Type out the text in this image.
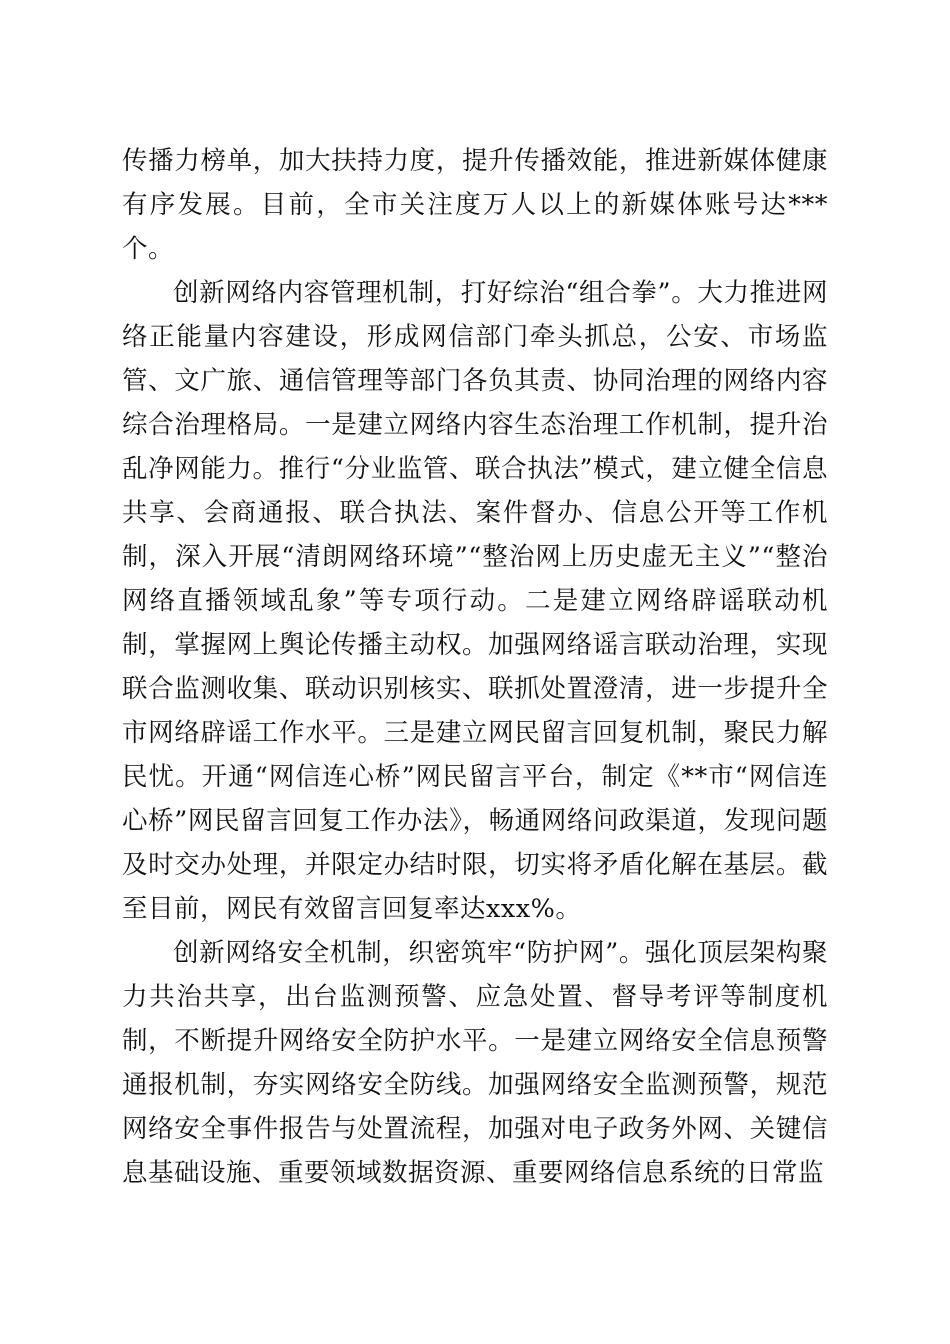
传播力榜单，加大扶持力度，提升传播效能，推进新媒体健康有序发展。目前，全市关注度万人以上的新媒体账号达***个。

创新网络内容管理机制，打好综治“组合拳”。大力推进网络正能量内容建设，形成网信部门牵头抓总，公安、市场监管、文广旅、通信管理等部门各负其责、协同治理的网络内容综合治理格局。一是建立网络内容生态治理工作机制，提升治乱净网能力。推行“分业监管、联合执法”模式，建立健全信息共享、会商通报、联合执法、案件督办、信息公开等工作机制，深入开展“清朗网络环境”“整治网上历史虚无主义”“整治网络直播领域乱象”等专项行动。二是建立网络辟谣联动机制，掌握网上舆论传播主动权。加强网络谣言联动治理，实现联合监测收集、联动识别核实、联抓处置澄清，进一步提升全市网络辟谣工作水平。三是建立网民留言回复机制，聚民力解民忧。开通“网信连心桥”网民留言平台，制定《**市“网信连心桥”网民留言回复工作办法》，畅通网络问政渠道，发现问题及时交办处理，并限定办结时限，切实将矛盾化解在基层。截至目前，网民有效留言回复率达xxx%。

创新网络安全机制，织密筑牢“防护网”。强化顶层架构聚力共治共享，出台监测预警、应急处置、督导考评等制度机制，不断提升网络安全防护水平。一是建立网络安全信息预警通报机制，夯实网络安全防线。加强网络安全监测预警，规范网络安全事件报告与处置流程，加强对电子政务外网、关键信息基础设施、重要领域数据资源、重要网络信息系统的日常监
